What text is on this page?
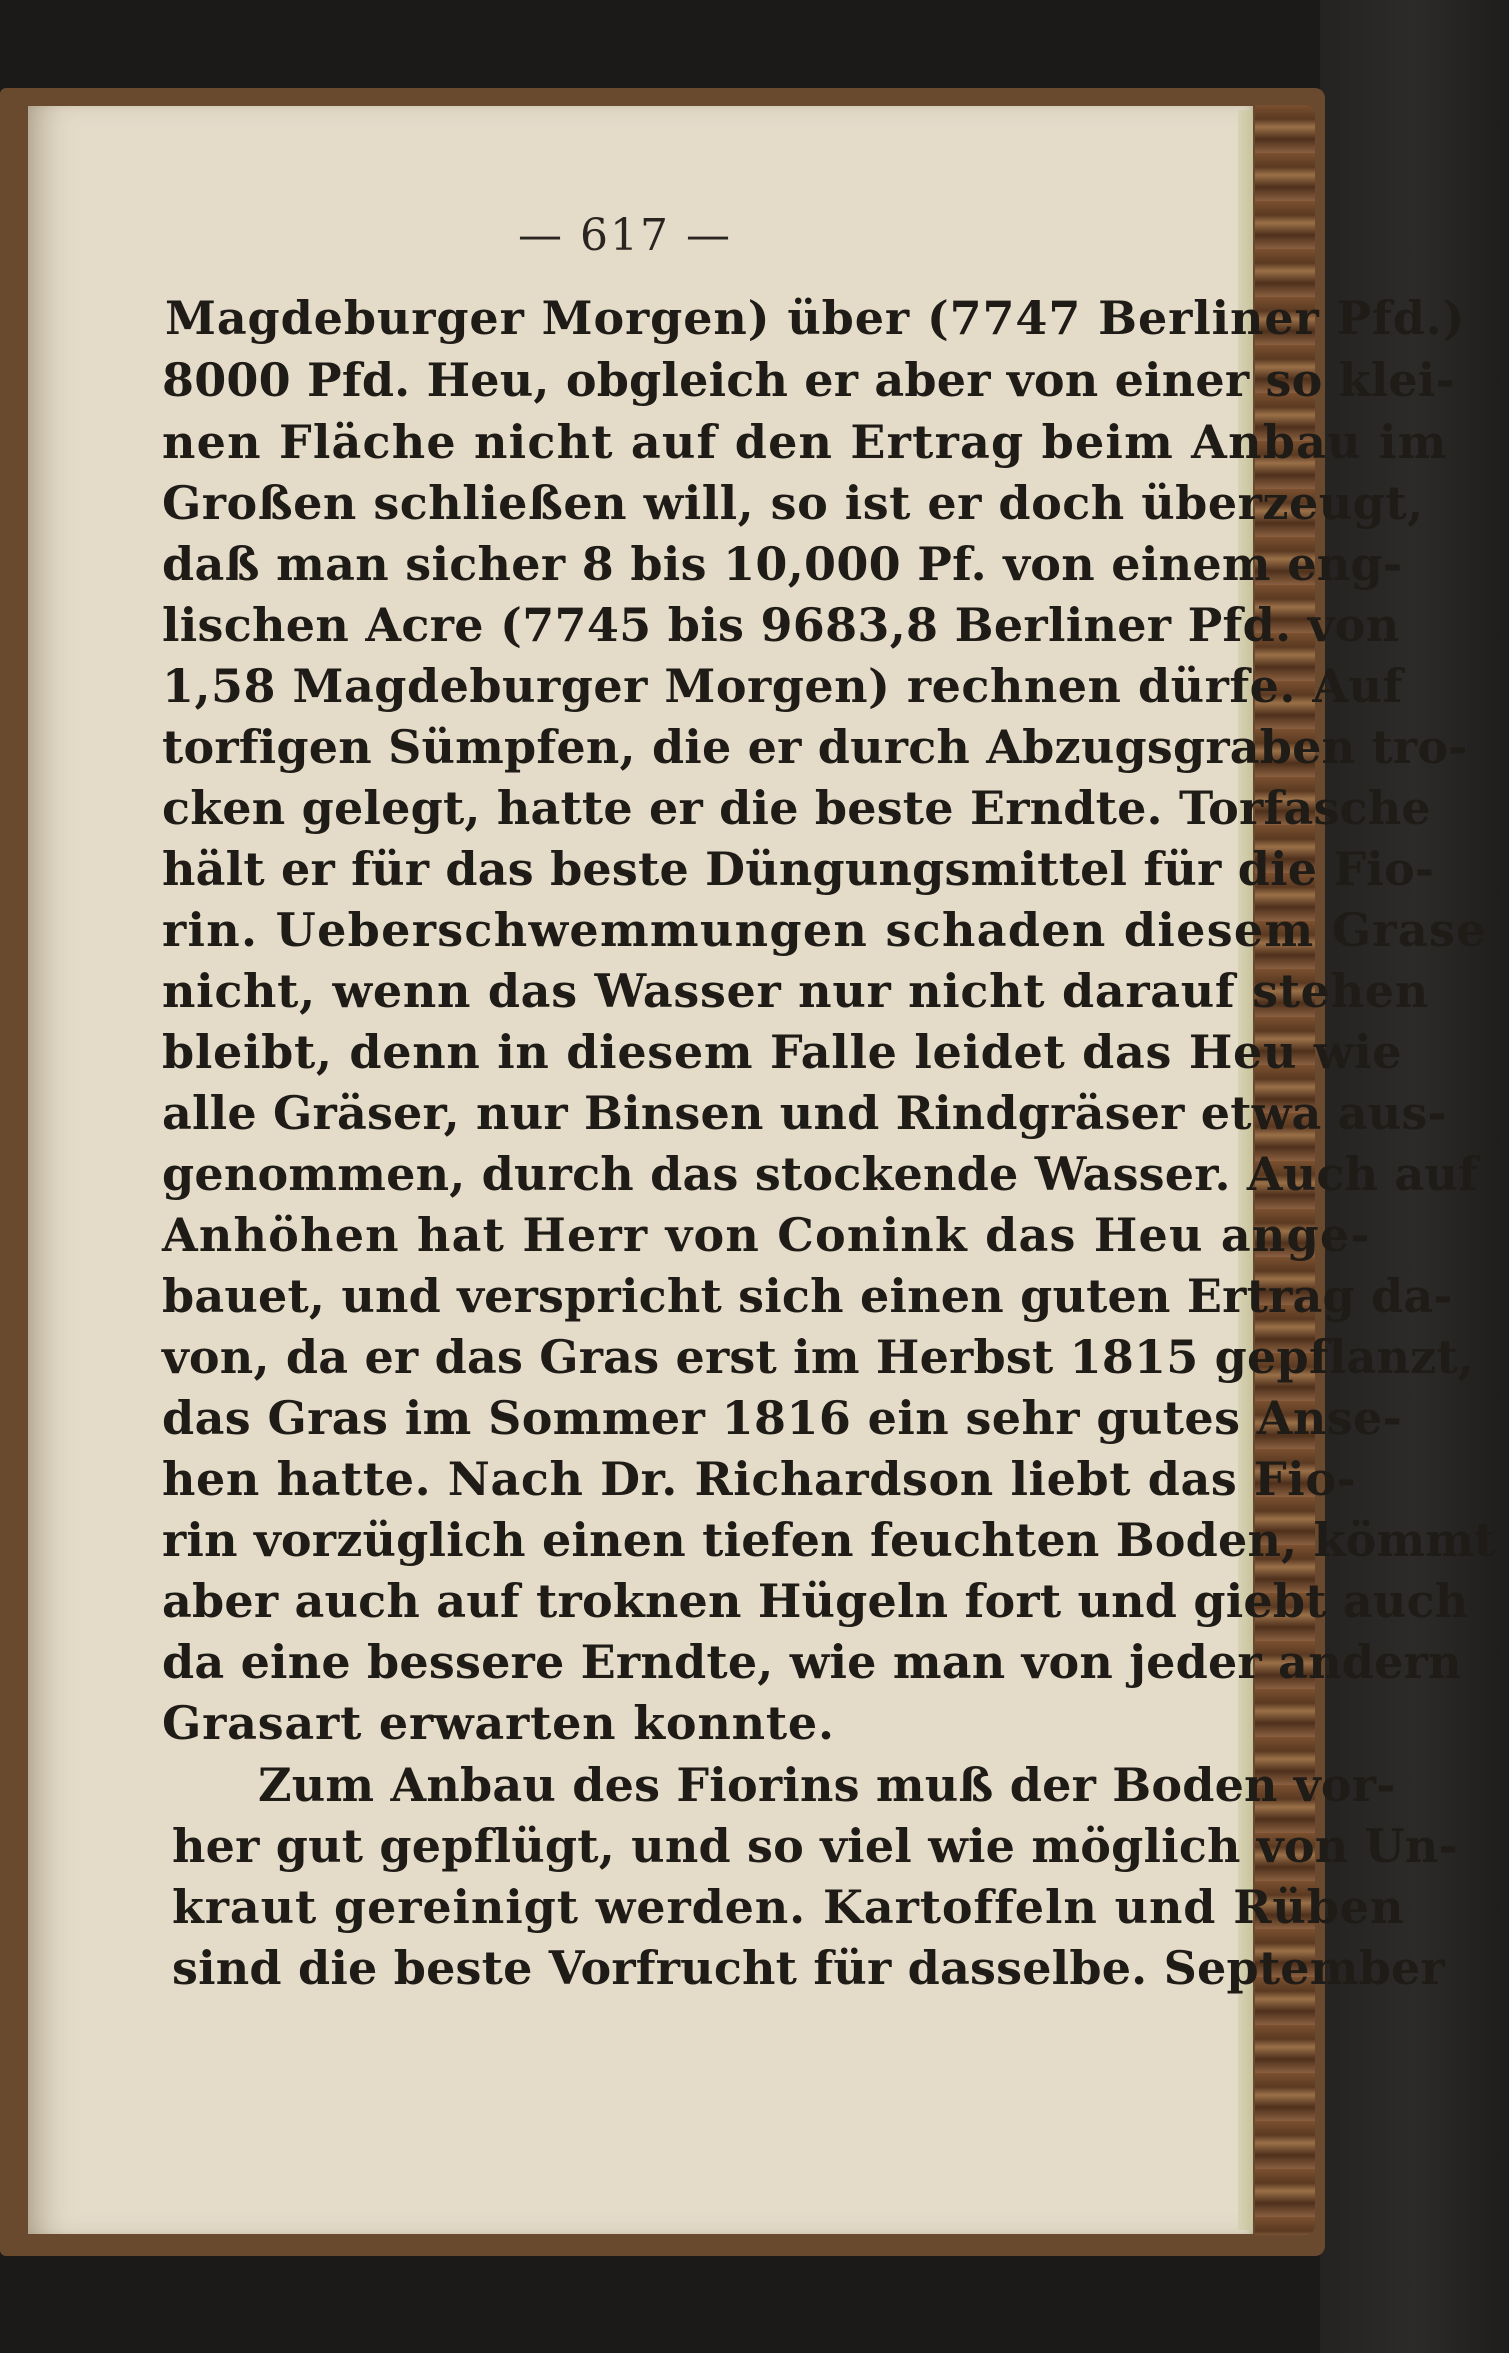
— 617 —
Magdeburger Morgen) über (7747 Berliner Pfd.)
8000 Pfd. Heu, obgleich er aber von einer so klei-
nen Fläche nicht auf den Ertrag beim Anbau im
Großen schließen will, so ist er doch überzeugt,
daß man sicher 8 bis 10,000 Pf. von einem eng-
lischen Acre (7745 bis 9683,8 Berliner Pfd. von
1,58 Magdeburger Morgen) rechnen dürfe. Auf
torfigen Sümpfen, die er durch Abzugsgraben tro-
cken gelegt, hatte er die beste Erndte. Torfasche
hält er für das beste Düngungsmittel für die Fio-
rin. Ueberschwemmungen schaden diesem Grase
nicht, wenn das Wasser nur nicht darauf stehen
bleibt, denn in diesem Falle leidet das Heu wie
alle Gräser, nur Binsen und Rindgräser etwa aus-
genommen, durch das stockende Wasser. Auch auf
Anhöhen hat Herr von Conink das Heu ange-
bauet, und verspricht sich einen guten Ertrag da-
von, da er das Gras erst im Herbst 1815 gepflanzt,
das Gras im Sommer 1816 ein sehr gutes Anse-
hen hatte. Nach Dr. Richardson liebt das Fio-
rin vorzüglich einen tiefen feuchten Boden, kömmt
aber auch auf troknen Hügeln fort und giebt auch
da eine bessere Erndte, wie man von jeder andern
Grasart erwarten konnte.
Zum Anbau des Fiorins muß der Boden vor-
her gut gepflügt, und so viel wie möglich von Un-
kraut gereinigt werden. Kartoffeln und Rüben
sind die beste Vorfrucht für dasselbe. September
